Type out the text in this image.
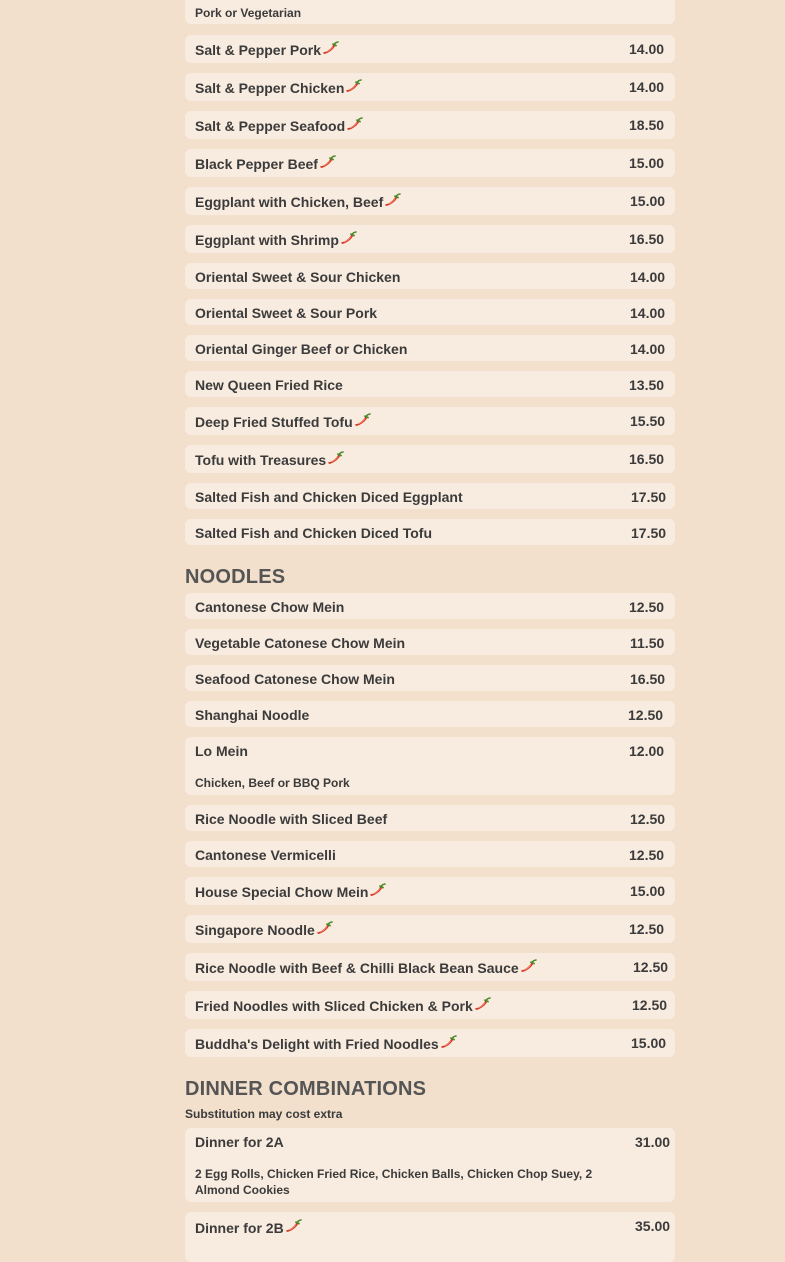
Pork or Vegetarian
Salt & Pepper Pork	14.00
Salt & Pepper Chicken	14.00
Salt & Pepper Seafood	18.50
Black Pepper Beef	15.00
Eggplant with Chicken, Beef	15.00
Eggplant with Shrimp	16.50
Oriental Sweet & Sour Chicken	14.00
Oriental Sweet & Sour Pork	14.00
Oriental Ginger Beef or Chicken	14.00
New Queen Fried Rice	13.50
Deep Fried Stuffed Tofu	15.50
Tofu with Treasures	16.50
Salted Fish and Chicken Diced Eggplant	17.50
Salted Fish and Chicken Diced Tofu	17.50
NOODLES
Cantonese Chow Mein	12.50
Vegetable Catonese Chow Mein	11.50
Seafood Catonese Chow Mein	16.50
Shanghai Noodle	12.50
Lo Mein	12.00
Chicken, Beef or BBQ Pork
Rice Noodle with Sliced Beef	12.50
Cantonese Vermicelli	12.50
House Special Chow Mein	15.00
Singapore Noodle	12.50
Rice Noodle with Beef & Chilli Black Bean Sauce	12.50
Fried Noodles with Sliced Chicken & Pork	12.50
Buddha's Delight with Fried Noodles	15.00
DINNER COMBINATIONS
Substitution may cost extra
Dinner for 2A	31.00
2 Egg Rolls, Chicken Fried Rice, Chicken Balls, Chicken Chop Suey, 2 Almond Cookies
Dinner for 2B	35.00
